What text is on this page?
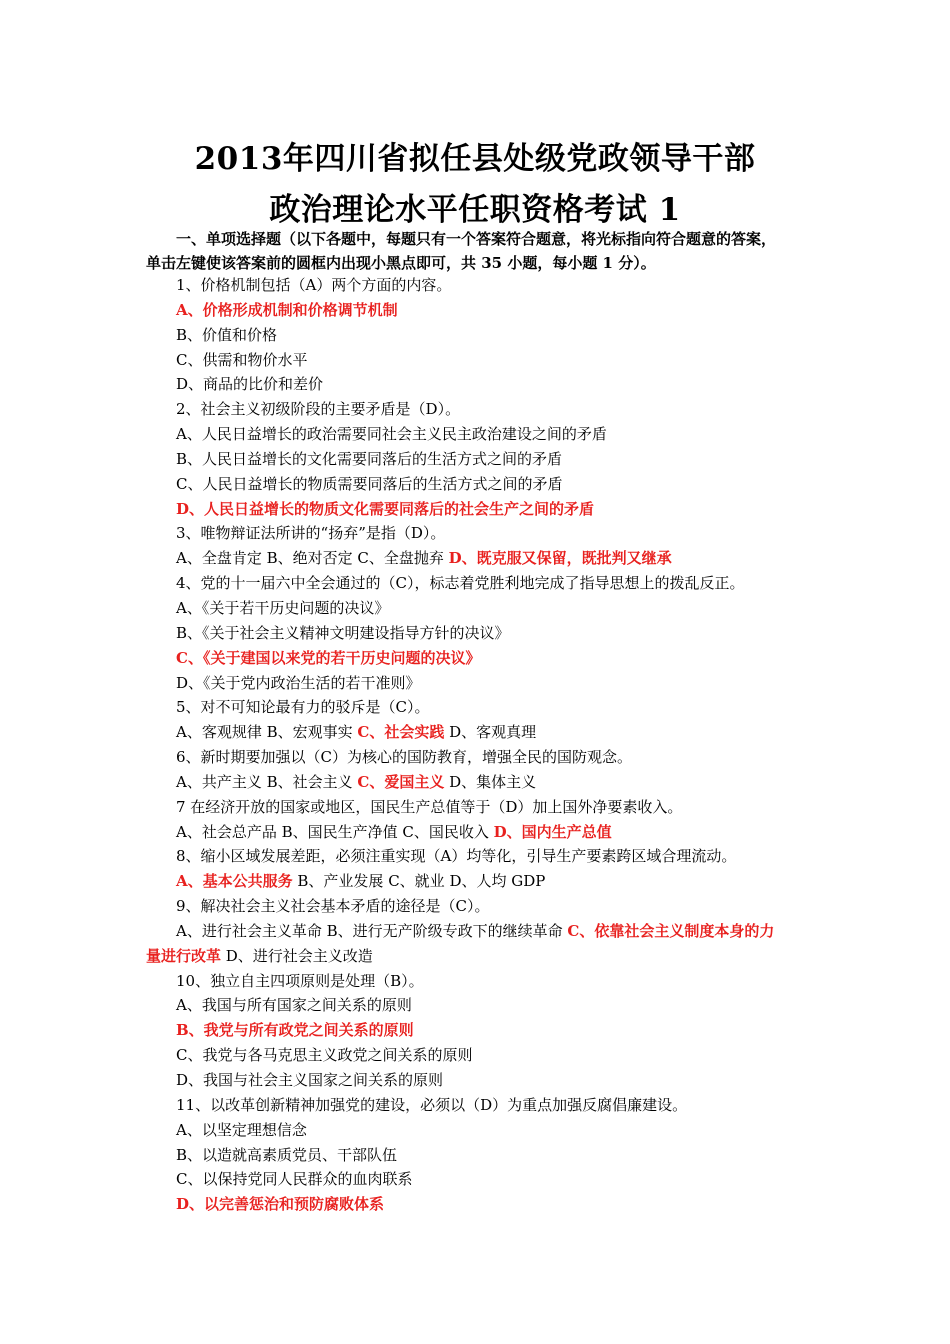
2013年四川省拟任县处级党政领导干部
政治理论水平任职资格考试 1
一、单项选择题（以下各题中，每题只有一个答案符合题意，将光标指向符合题意的答案，
单击左键使该答案前的圆框内出现小黑点即可，共 35 小题，每小题 1 分）。
1、价格机制包括（A）两个方面的内容。
A、价格形成机制和价格调节机制
B、价值和价格
C、供需和物价水平
D、商品的比价和差价
2、社会主义初级阶段的主要矛盾是（D）。
A、人民日益增长的政治需要同社会主义民主政治建设之间的矛盾
B、人民日益增长的文化需要同落后的生活方式之间的矛盾
C、人民日益增长的物质需要同落后的生活方式之间的矛盾
D、人民日益增长的物质文化需要同落后的社会生产之间的矛盾
3、唯物辩证法所讲的“扬弃”是指（D）。
A、全盘肯定 B、绝对否定 C、全盘抛弃 D、既克服又保留，既批判又继承
4、党的十一届六中全会通过的（C），标志着党胜利地完成了指导思想上的拨乱反正。
A、《关于若干历史问题的决议》
B、《关于社会主义精神文明建设指导方针的决议》
C、《关于建国以来党的若干历史问题的决议》
D、《关于党内政治生活的若干准则》
5、对不可知论最有力的驳斥是（C）。
A、客观规律 B、宏观事实 C、社会实践 D、客观真理
6、新时期要加强以（C）为核心的国防教育，增强全民的国防观念。
A、共产主义 B、社会主义 C、爱国主义 D、集体主义
7 在经济开放的国家或地区，国民生产总值等于（D）加上国外净要素收入。
A、社会总产品 B、国民生产净值 C、国民收入 D、国内生产总值
8、缩小区域发展差距，必须注重实现（A）均等化，引导生产要素跨区域合理流动。
A、基本公共服务 B、产业发展 C、就业 D、人均 GDP
9、解决社会主义社会基本矛盾的途径是（C）。
A、进行社会主义革命 B、进行无产阶级专政下的继续革命 C、依靠社会主义制度本身的力
量进行改革 D、进行社会主义改造
10、独立自主四项原则是处理（B）。
A、我国与所有国家之间关系的原则
B、我党与所有政党之间关系的原则
C、我党与各马克思主义政党之间关系的原则
D、我国与社会主义国家之间关系的原则
11、以改革创新精神加强党的建设，必须以（D）为重点加强反腐倡廉建设。
A、以坚定理想信念
B、以造就高素质党员、干部队伍
C、以保持党同人民群众的血肉联系
D、以完善惩治和预防腐败体系
